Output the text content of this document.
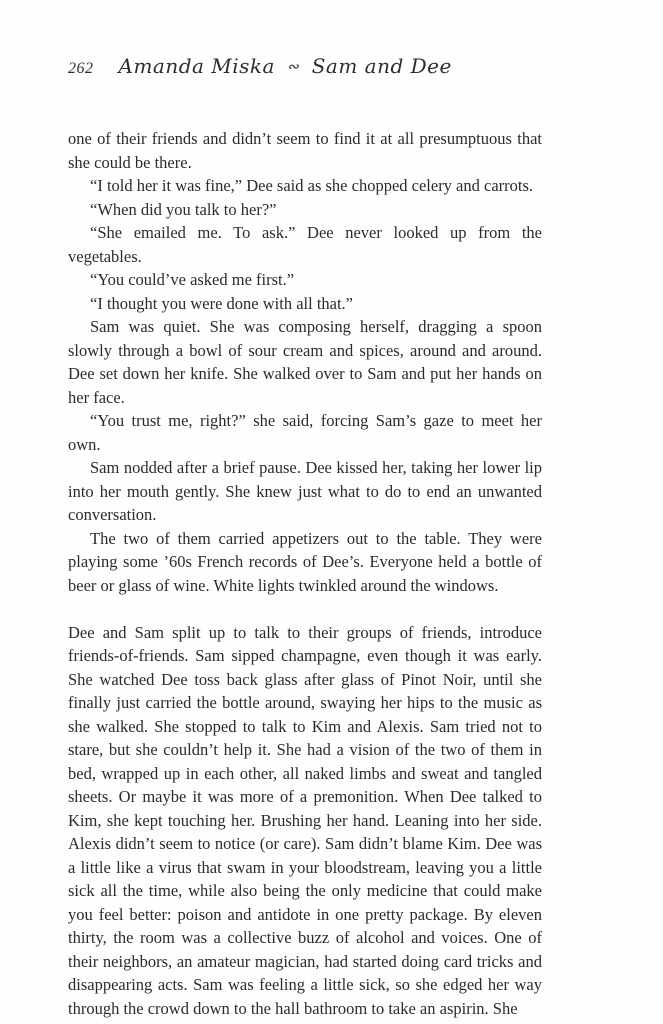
262 Amanda Miska ∾ Sam and Dee

one of their friends and didn’t seem to find it at all presumptuous that she could be there.

“I told her it was fine,” Dee said as she chopped celery and carrots.

“When did you talk to her?”

“She emailed me. To ask.” Dee never looked up from the vegetables.

“You could’ve asked me first.”

“I thought you were done with all that.”

Sam was quiet. She was composing herself, dragging a spoon slowly through a bowl of sour cream and spices, around and around. Dee set down her knife. She walked over to Sam and put her hands on her face.

“You trust me, right?” she said, forcing Sam’s gaze to meet her own.

Sam nodded after a brief pause. Dee kissed her, taking her lower lip into her mouth gently. She knew just what to do to end an unwanted conversation.

The two of them carried appetizers out to the table. They were playing some ’60s French records of Dee’s. Everyone held a bottle of beer or glass of wine. White lights twinkled around the windows.

Dee and Sam split up to talk to their groups of friends, introduce friends-of-friends. Sam sipped champagne, even though it was early. She watched Dee toss back glass after glass of Pinot Noir, until she finally just carried the bottle around, swaying her hips to the music as she walked. She stopped to talk to Kim and Alexis. Sam tried not to stare, but she couldn’t help it. She had a vision of the two of them in bed, wrapped up in each other, all naked limbs and sweat and tangled sheets. Or maybe it was more of a premonition. When Dee talked to Kim, she kept touching her. Brushing her hand. Leaning into her side. Alexis didn’t seem to notice (or care). Sam didn’t blame Kim. Dee was a little like a virus that swam in your bloodstream, leaving you a little sick all the time, while also being the only medicine that could make you feel better: poison and antidote in one pretty package. By eleven thirty, the room was a collective buzz of alcohol and voices. One of their neighbors, an amateur magician, had started doing card tricks and disappearing acts. Sam was feeling a little sick, so she edged her way through the crowd down to the hall bathroom to take an aspirin. She
